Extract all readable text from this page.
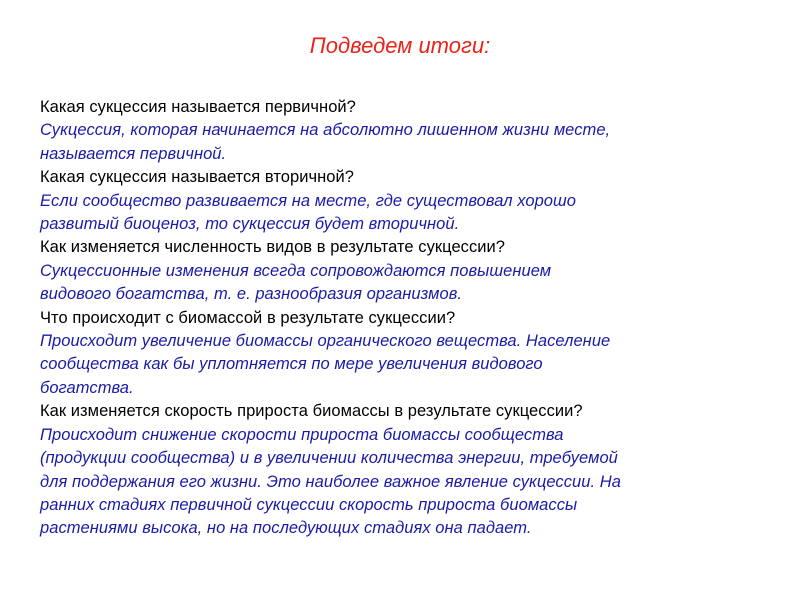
Подведем итоги:
Какая сукцессия называется первичной?
Сукцессия, которая начинается на абсолютно лишенном жизни месте,
называется первичной.
Какая сукцессия называется вторичной?
Если сообщество развивается на месте, где существовал хорошо
развитый биоценоз, то сукцессия будет вторичной.
Как изменяется численность видов в результате сукцессии?
Сукцессионные изменения всегда сопровождаются повышением
видового богатства, т. е. разнообразия организмов.
Что происходит с биомассой в результате сукцессии?
Происходит увеличение биомассы органического вещества. Население
сообщества как бы уплотняется по мере увеличения видового
богатства.
Как изменяется скорость прироста биомассы в результате сукцессии?
Происходит снижение скорости прироста биомассы сообщества
(продукции сообщества) и в увеличении количества энергии, требуемой
для поддержания его жизни. Это наиболее важное явление сукцессии. На
ранних стадиях первичной сукцессии скорость прироста биомассы
растениями высока, но на последующих стадиях она падает.
